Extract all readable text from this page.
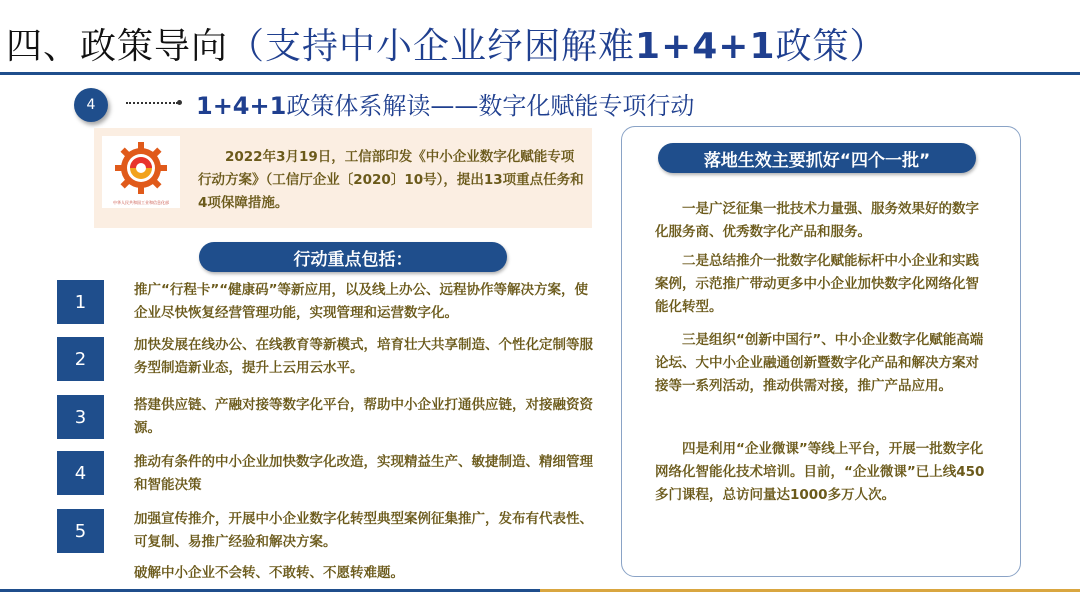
四、政策导向（支持中小企业纾困解难1+4+1政策）
4	1+4+1政策体系解读——数字化赋能专项行动
中华人民共和国工业和信息化部
2022年3月19日，工信部印发《中小企业数字化赋能专项行动方案》（工信厅企业〔2020〕10号），提出13项重点任务和4项保障措施。
行动重点包括：
1
推广“行程卡”“健康码”等新应用，以及线上办公、远程协作等解决方案，使企业尽快恢复经营管理功能，实现管理和运营数字化。
2
加快发展在线办公、在线教育等新模式，培育壮大共享制造、个性化定制等服务型制造新业态，提升上云用云水平。
3
搭建供应链、产融对接等数字化平台，帮助中小企业打通供应链，对接融资资源。
4
推动有条件的中小企业加快数字化改造，实现精益生产、敏捷制造、精细管理和智能决策
5
加强宣传推介，开展中小企业数字化转型典型案例征集推广，发布有代表性、可复制、易推广经验和解决方案。
破解中小企业不会转、不敢转、不愿转难题。
落地生效主要抓好“四个一批”
一是广泛征集一批技术力量强、服务效果好的数字化服务商、优秀数字化产品和服务。
二是总结推介一批数字化赋能标杆中小企业和实践案例，示范推广带动更多中小企业加快数字化网络化智能化转型。
三是组织“创新中国行”、中小企业数字化赋能高端论坛、大中小企业融通创新暨数字化产品和解决方案对接等一系列活动，推动供需对接，推广产品应用。
四是利用“企业微课”等线上平台，开展一批数字化网络化智能化技术培训。目前，“企业微课”已上线450多门课程，总访问量达1000多万人次。
